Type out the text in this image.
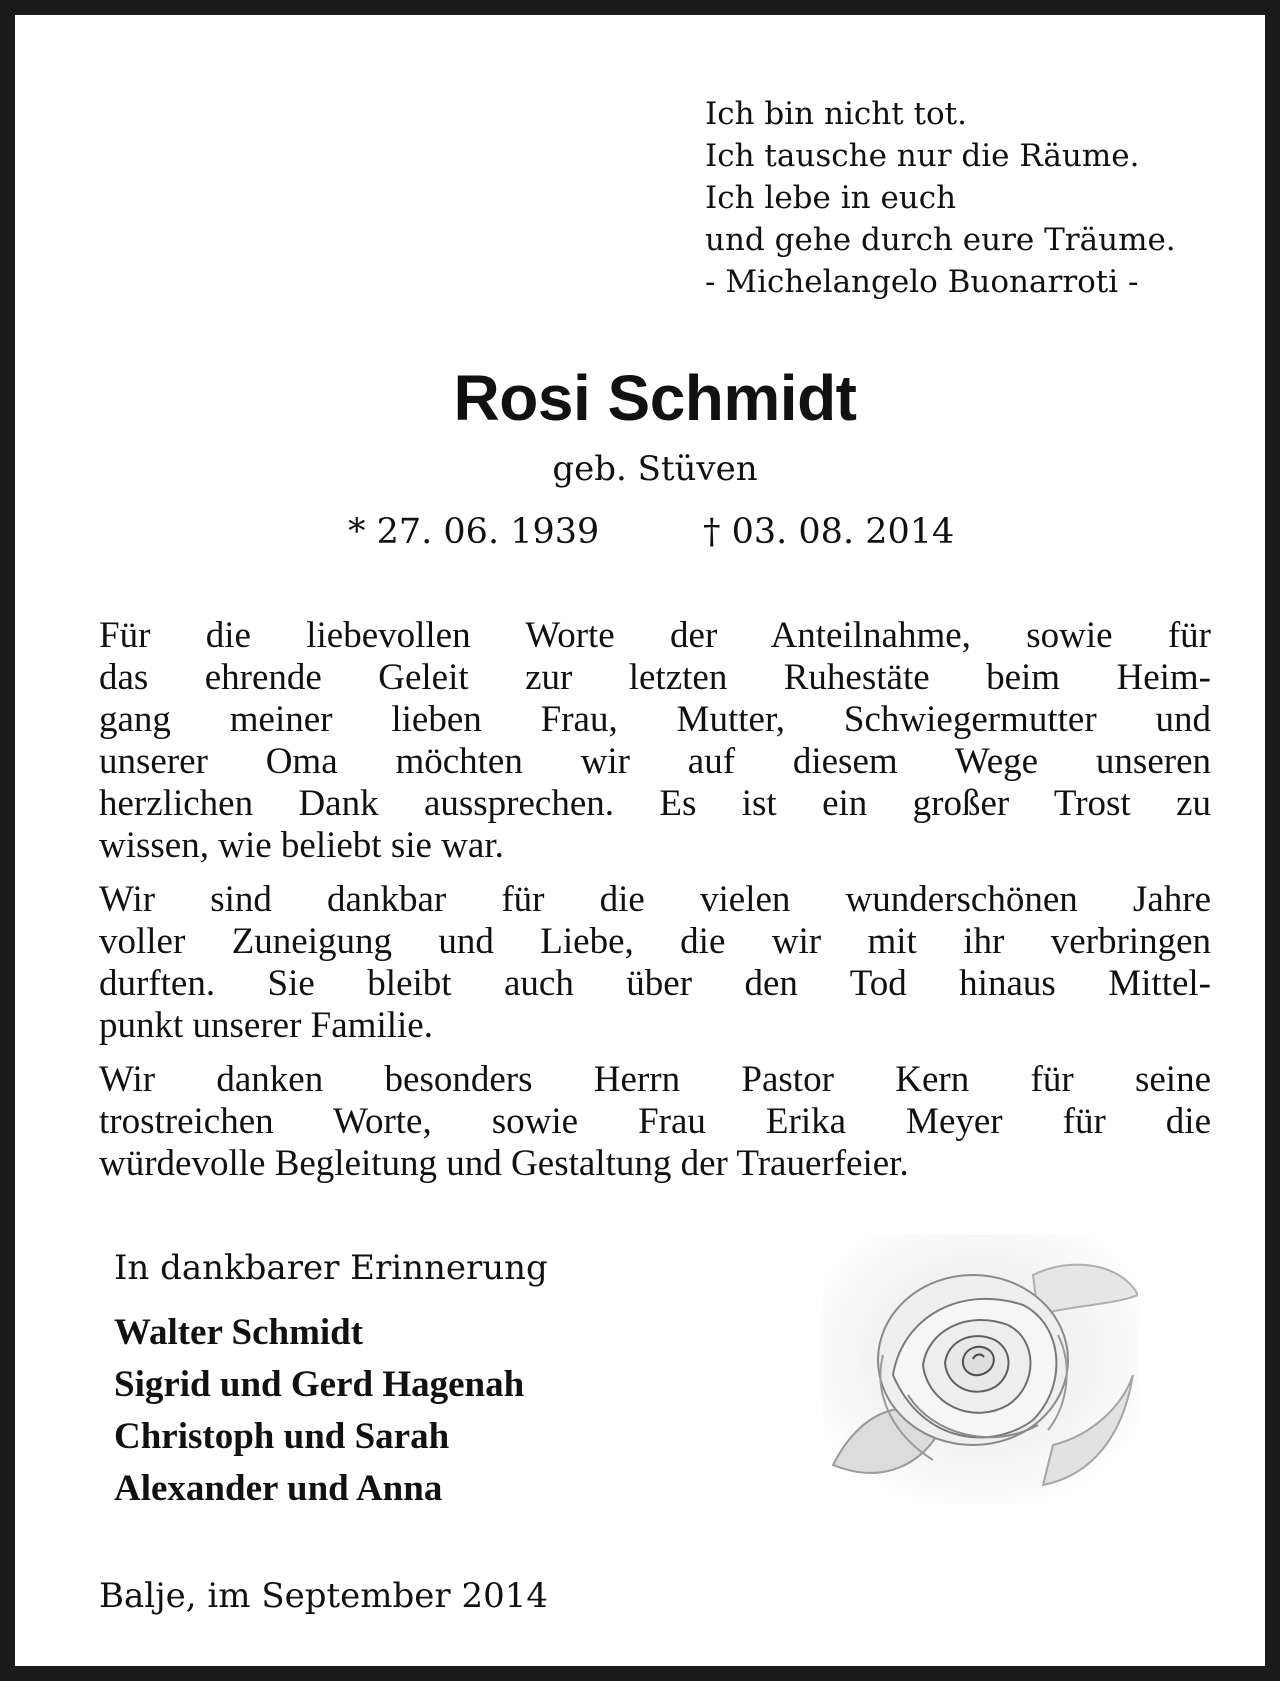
Ich bin nicht tot.
Ich tausche nur die Räume.
Ich lebe in euch
und gehe durch eure Träume.
- Michelangelo Buonarroti -
Rosi Schmidt
geb. Stüven
* 27. 06. 1939	† 03. 08. 2014

Für die liebevollen Worte der Anteilnahme, sowie für
das ehrende Geleit zur letzten Ruhestäte beim Heim-
gang meiner lieben Frau, Mutter, Schwiegermutter und
unserer Oma möchten wir auf diesem Wege unseren
herzlichen Dank aussprechen. Es ist ein großer Trost zu
wissen, wie beliebt sie war.

Wir sind dankbar für die vielen wunderschönen Jahre
voller Zuneigung und Liebe, die wir mit ihr verbringen
durften. Sie bleibt auch über den Tod hinaus Mittel-
punkt unserer Familie.

Wir danken besonders Herrn Pastor Kern für seine
trostreichen Worte, sowie Frau Erika Meyer für die
würdevolle Begleitung und Gestaltung der Trauerfeier.

In dankbarer Erinnerung
Walter Schmidt
Sigrid und Gerd Hagenah
Christoph und Sarah
Alexander und Anna
Balje, im September 2014
